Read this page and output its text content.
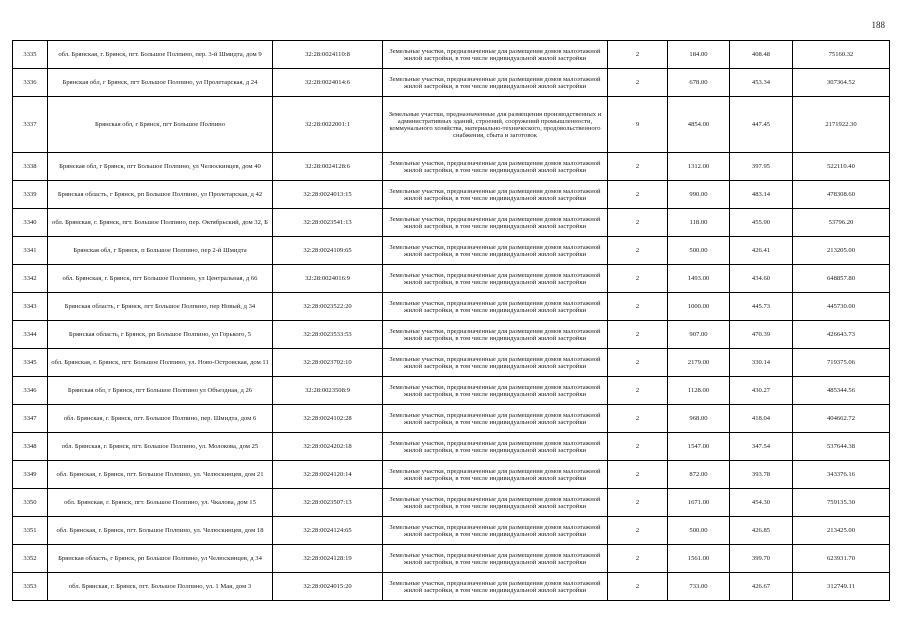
188
3335	обл. Брянская, г. Брянск, пгт. Большое Полпино, пер. 3-й Шмидта, дом 9	32:28:0024110:8	Земельные участки, предназначенные для размещения домов малоэтажной жилой застройки, в том числе индивидуальной жилой застройки	2	184.00	408.48	75160.32
3336	Брянская обл, г Брянск, пгт Большое Полпино, ул Пролетарская, д 24	32:28:0024014:6	Земельные участки, предназначенные для размещения домов малоэтажной жилой застройки, в том числе индивидуальной жилой застройки	2	678.00	453.34	307364.52
3337	Брянская обл, г Брянск, пгт Большое Полпино	32:28:0022001:1	Земельные участки, предназначенные для размещения производственных и административных зданий, строений, сооружений промышленности, коммунального хозяйства, материально-технического, продовольственного снабжения, сбыта и заготовок	9	4854.00	447.45	2171922.30
3338	Брянская обл, г Брянск, пгт Большое Полпино, ул Челюскинцев, дом 40	32:28:0024128:6	Земельные участки, предназначенные для размещения домов малоэтажной жилой застройки, в том числе индивидуальной жилой застройки	2	1312.00	397.95	522110.40
3339	Брянская область, г Брянск, рп Большое Полпино, ул Пролетарская, д 42	32:28:0024013:15	Земельные участки, предназначенные для размещения домов малоэтажной жилой застройки, в том числе индивидуальной жилой застройки	2	990.00	483.14	478308.60
3340	обл. Брянская, г. Брянск, пгт. Большое Полпино, пер. Октябрьский, дом 32, Б	32:28:0023541:13	Земельные участки, предназначенные для размещения домов малоэтажной жилой застройки, в том числе индивидуальной жилой застройки	2	118.00	455.90	53796.20
3341	Брянская обл, г Брянск, п Большое Полпино, пер 2-й Шмидта	32:28:0024109:65	Земельные участки, предназначенные для размещения домов малоэтажной жилой застройки, в том числе индивидуальной жилой застройки	2	500.00	426.41	213205.00
3342	обл. Брянская, г. Брянск, пгт Большое Полпино, ул Центральная, д 66	32:28:0024016:9	Земельные участки, предназначенные для размещения домов малоэтажной жилой застройки, в том числе индивидуальной жилой застройки	2	1493.00	434.60	648857.80
3343	Брянская область, г Брянск, пгт Большое Полпино, пер Новый, д 34	32:28:0023522:20	Земельные участки, предназначенные для размещения домов малоэтажной жилой застройки, в том числе индивидуальной жилой застройки	2	1000.00	445.73	445730.00
3344	Брянская область, г Брянск, рп Большое Полпино, ул Горького, 5	32:28:0023533:53	Земельные участки, предназначенные для размещения домов малоэтажной жилой застройки, в том числе индивидуальной жилой застройки	2	907.00	470.39	426643.73
3345	обл. Брянская, г. Брянск, пгт. Большое Полпино, ул. Ново-Островская, дом 11	32:28:0023702:10	Земельные участки, предназначенные для размещения домов малоэтажной жилой застройки, в том числе индивидуальной жилой застройки	2	2179.00	330.14	719375.06
3346	Брянская обл, г Брянск, пгт Большое Полпино ул Объездная, д 26	32:28:0023508:9	Земельные участки, предназначенные для размещения домов малоэтажной жилой застройки, в том числе индивидуальной жилой застройки	2	1128.00	430.27	485344.56
3347	обл. Брянская, г. Брянск, пгт. Большое Полпино, пер. Шмидта, дом 6	32:28:0024102:28	Земельные участки, предназначенные для размещения домов малоэтажной жилой застройки, в том числе индивидуальной жилой застройки	2	968.00	418.04	404662.72
3348	обл. Брянская, г. Брянск, пгт. Большое Полпино, ул. Молокова, дом 25	32:28:0024202:18	Земельные участки, предназначенные для размещения домов малоэтажной жилой застройки, в том числе индивидуальной жилой застройки	2	1547.00	347.54	537644.38
3349	обл. Брянская, г. Брянск, пгт. Большое Полпино, ул. Челюскинцев, дом 21	32:28:0024120:14	Земельные участки, предназначенные для размещения домов малоэтажной жилой застройки, в том числе индивидуальной жилой застройки	2	872.00	393.78	343376.16
3350	обл. Брянская, г. Брянск, пгт. Большое Полпино, ул. Чкалова, дом 15	32:28:0023507:13	Земельные участки, предназначенные для размещения домов малоэтажной жилой застройки, в том числе индивидуальной жилой застройки	2	1671.00	454.30	759135.30
3351	обл. Брянская, г. Брянск, пгт. Большое Полпино, ул. Челюскинцев, дом 18	32:28:0024124:65	Земельные участки, предназначенные для размещения домов малоэтажной жилой застройки, в том числе индивидуальной жилой застройки	2	500.00	426.85	213425.00
3352	Брянская область, г Брянск, рп Большое Полпино, ул Челюскинцев, д 34	32:28:0024128:19	Земельные участки, предназначенные для размещения домов малоэтажной жилой застройки, в том числе индивидуальной жилой застройки	2	1561.00	399.70	623931.70
3353	обл. Брянская, г. Брянск, пгт. Большое Полпино, ул. 1 Мая, дом 3	32:28:0024015:20	Земельные участки, предназначенные для размещения домов малоэтажной жилой застройки, в том числе индивидуальной жилой застройки	2	733.00	426.67	312749.11
